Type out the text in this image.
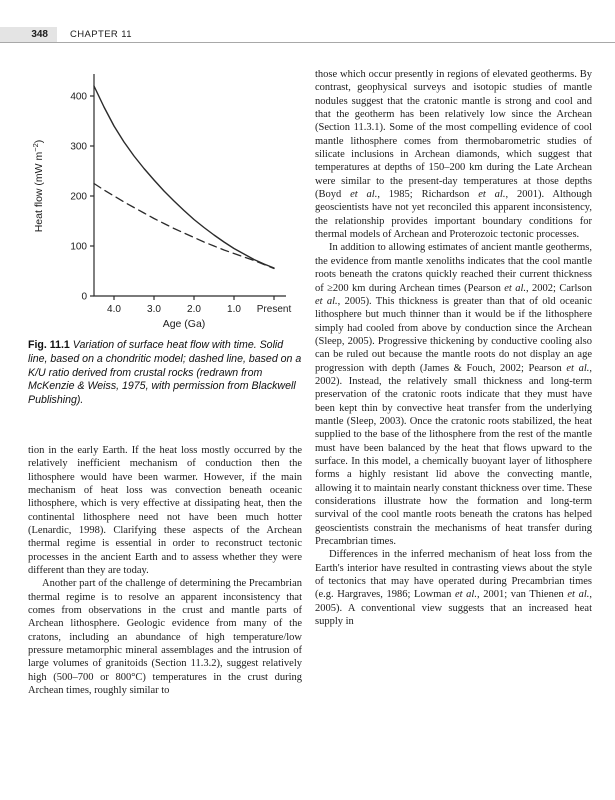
348 CHAPTER 11
0
100
200
300
400
4.0	3.0	2.0	1.0 Present
Age (Ga)
Heat flow (mW $m^{-2}$)
Fig. 11.1 Variation of surface heat flow with time. Solid line, based on a chondritic model; dashed line, based on a K/U ratio derived from crustal rocks (redrawn from McKenzie & Weiss, 1975, with permission from Blackwell Publishing).

tion in the early Earth. If the heat loss mostly occurred by the relatively inefficient mechanism of conduction then the lithosphere would have been warmer. However, if the main mechanism of heat loss was convection beneath oceanic lithosphere, which is very effective at dissipating heat, then the continental lithosphere need not have been much hotter (Lenardic, 1998). Clarifying these aspects of the Archean thermal regime is essential in order to reconstruct tectonic processes in the ancient Earth and to assess whether they were different than they are today.

Another part of the challenge of determining the Precambrian thermal regime is to resolve an apparent inconsistency that comes from observations in the crust and mantle parts of Archean lithosphere. Geologic evidence from many of the cratons, including an abundance of high temperature/low pressure metamorphic mineral assemblages and the intrusion of large volumes of granitoids (Section 11.3.2), suggest relatively high (500–700 or 800°C) temperatures in the crust during Archean times, roughly similar to

those which occur presently in regions of elevated geotherms. By contrast, geophysical surveys and isotopic studies of mantle nodules suggest that the cratonic mantle is strong and cool and that the geotherm has been relatively low since the Archean (Section 11.3.1). Some of the most compelling evidence of cool mantle lithosphere comes from thermobarometric studies of silicate inclusions in Archean diamonds, which suggest that temperatures at depths of 150–200 km during the Late Archean were similar to the present-day temperatures at those depths (Boyd et al., 1985; Richardson et al., 2001). Although geoscientists have not yet reconciled this apparent inconsistency, the relationship provides important boundary conditions for thermal models of Archean and Proterozoic tectonic processes.

In addition to allowing estimates of ancient mantle geotherms, the evidence from mantle xenoliths indicates that the cool mantle roots beneath the cratons quickly reached their current thickness of ≥200 km during Archean times (Pearson et al., 2002; Carlson et al., 2005). This thickness is greater than that of old oceanic lithosphere but much thinner than it would be if the lithosphere simply had cooled from above by conduction since the Archean (Sleep, 2005). Progressive thickening by conductive cooling also can be ruled out because the mantle roots do not display an age progression with depth (James & Fouch, 2002; Pearson et al., 2002). Instead, the relatively small thickness and long-term preservation of the cratonic roots indicate that they must have been kept thin by convective heat transfer from the underlying mantle (Sleep, 2003). Once the cratonic roots stabilized, the heat supplied to the base of the lithosphere from the rest of the mantle must have been balanced by the heat that flows upward to the surface. In this model, a chemically buoyant layer of lithosphere forms a highly resistant lid above the convecting mantle, allowing it to maintain nearly constant thickness over time. These considerations illustrate how the formation and long-term survival of the cool mantle roots beneath the cratons has helped geoscientists constrain the mechanisms of heat transfer during Precambrian times.

Differences in the inferred mechanism of heat loss from the Earth's interior have resulted in contrasting views about the style of tectonics that may have operated during Precambrian times (e.g. Hargraves, 1986; Lowman et al., 2001; van Thienen et al., 2005). A conventional view suggests that an increased heat supply in
